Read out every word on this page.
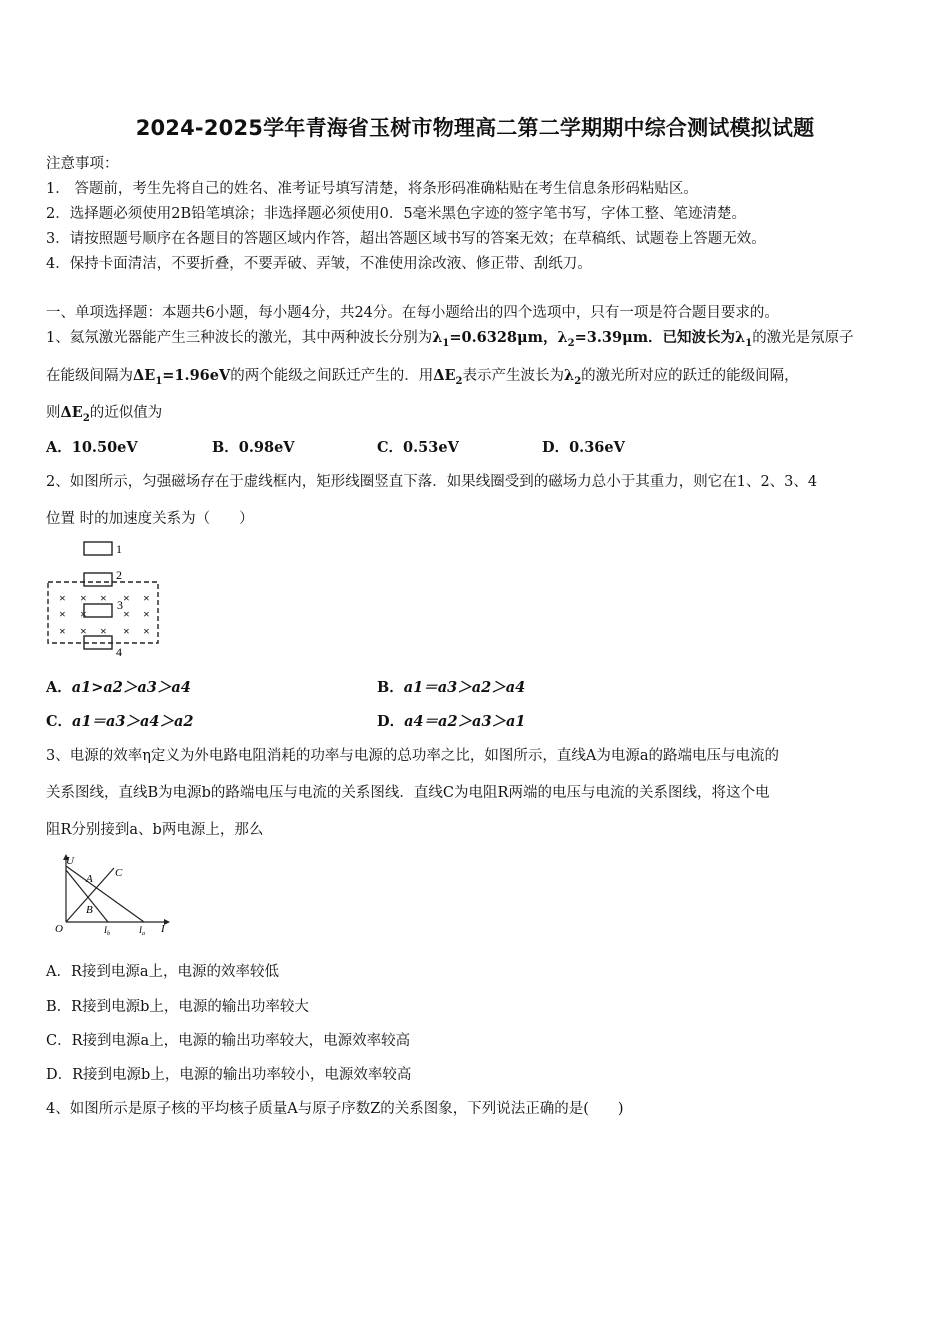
2024-2025学年青海省玉树市物理高二第二学期期中综合测试模拟试题
注意事项：
1． 答题前，考生先将自己的姓名、准考证号填写清楚，将条形码准确粘贴在考生信息条形码粘贴区。
2．选择题必须使用2B铅笔填涂；非选择题必须使用0．5毫米黑色字迹的签字笔书写，字体工整、笔迹清楚。
3．请按照题号顺序在各题目的答题区域内作答，超出答题区域书写的答案无效；在草稿纸、试题卷上答题无效。
4．保持卡面清洁，不要折叠，不要弄破、弄皱，不准使用涂改液、修正带、刮纸刀。
一、单项选择题：本题共6小题，每小题4分，共24分。在每小题给出的四个选项中，只有一项是符合题目要求的。
1、氦氖激光器能产生三种波长的激光，其中两种波长分别为$\lambda_1=0.6328\mu m$，$\lambda_2=3.39\mu m$．已知波长为$\lambda_1$的激光是氖原子
在能级间隔为$\Delta E_1=1.96eV$的两个能级之间跃迁产生的．用$\Delta E_2$表示产生波长为$\lambda_2$的激光所对应的跃迁的能级间隔，
则$\Delta E_2$的近似值为
A．10.50eV	B．0.98eV	C．0.53eV	D．0.36eV
2、如图所示，匀强磁场存在于虚线框内，矩形线圈竖直下落．如果线圈受到的磁场力总小于其重力，则它在1、2、3、4
位置 时的加速度关系为（　　）
1
2
3
4
× × × × ×
× ×	× ×
× × × × ×
A．a1>a2＞a3＞a4	B．a1＝a3＞a2＞a4
C．a1＝a3＞a4＞a2	D．a4＝a2＞a3＞a1
3、电源的效率η定义为外电路电阻消耗的功率与电源的总功率之比，如图所示，直线A为电源a的路端电压与电流的
关系图线，直线B为电源b的路端电压与电流的关系图线．直线C为电阻R两端的电压与电流的关系图线，将这个电
阻R分别接到a、b两电源上，那么
U
I
O
A
B
C
$I_b$	$I_a$
A．R接到电源a上，电源的效率较低
B．R接到电源b上，电源的输出功率较大
C．R接到电源a上，电源的输出功率较大，电源效率较高
D．R接到电源b上，电源的输出功率较小，电源效率较高
4、如图所示是原子核的平均核子质量A与原子序数Z的关系图象，下列说法正确的是(　　)
